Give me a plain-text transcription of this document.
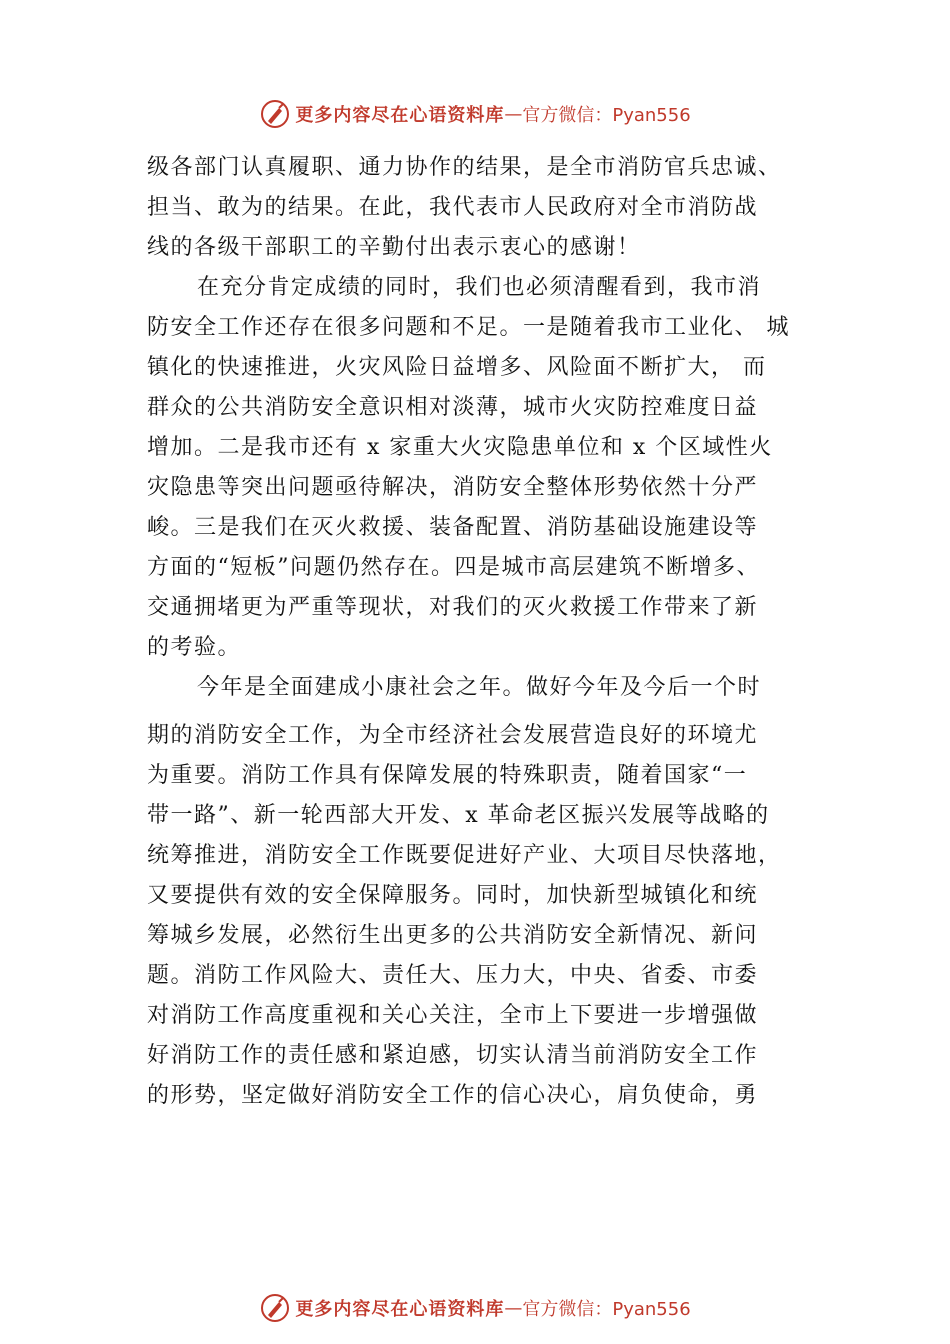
更多内容尽在心语资料库 — 官方微信：Pyan556
级各部门认真履职、通力协作的结果，是全市消防官兵忠诚、
担当、敢为的结果。在此，我代表市人民政府对全市消防战
线的各级干部职工的辛勤付出表示衷心的感谢！
在充分肯定成绩的同时，我们也必须清醒看到，我市消
防安全工作还存在很多问题和不足。一是随着我市工业化、 城
镇化的快速推进，火灾风险日益增多、风险面不断扩大， 而
群众的公共消防安全意识相对淡薄，城市火灾防控难度日益
增加。二是我市还有 x 家重大火灾隐患单位和 x 个区域性火
灾隐患等突出问题亟待解决，消防安全整体形势依然十分严
峻。三是我们在灭火救援、装备配置、消防基础设施建设等
方面的“短板”问题仍然存在。四是城市高层建筑不断增多、
交通拥堵更为严重等现状，对我们的灭火救援工作带来了新
的考验。
今年是全面建成小康社会之年。做好今年及今后一个时
期的消防安全工作，为全市经济社会发展营造良好的环境尤
为重要。消防工作具有保障发展的特殊职责，随着国家“一
带一路”、新一轮西部大开发、x 革命老区振兴发展等战略的
统筹推进，消防安全工作既要促进好产业、大项目尽快落地，
又要提供有效的安全保障服务。同时，加快新型城镇化和统
筹城乡发展，必然衍生出更多的公共消防安全新情况、新问
题。消防工作风险大、责任大、压力大，中央、省委、市委
对消防工作高度重视和关心关注，全市上下要进一步增强做
好消防工作的责任感和紧迫感，切实认清当前消防安全工作
的形势，坚定做好消防安全工作的信心决心，肩负使命，勇
更多内容尽在心语资料库 — 官方微信：Pyan556
